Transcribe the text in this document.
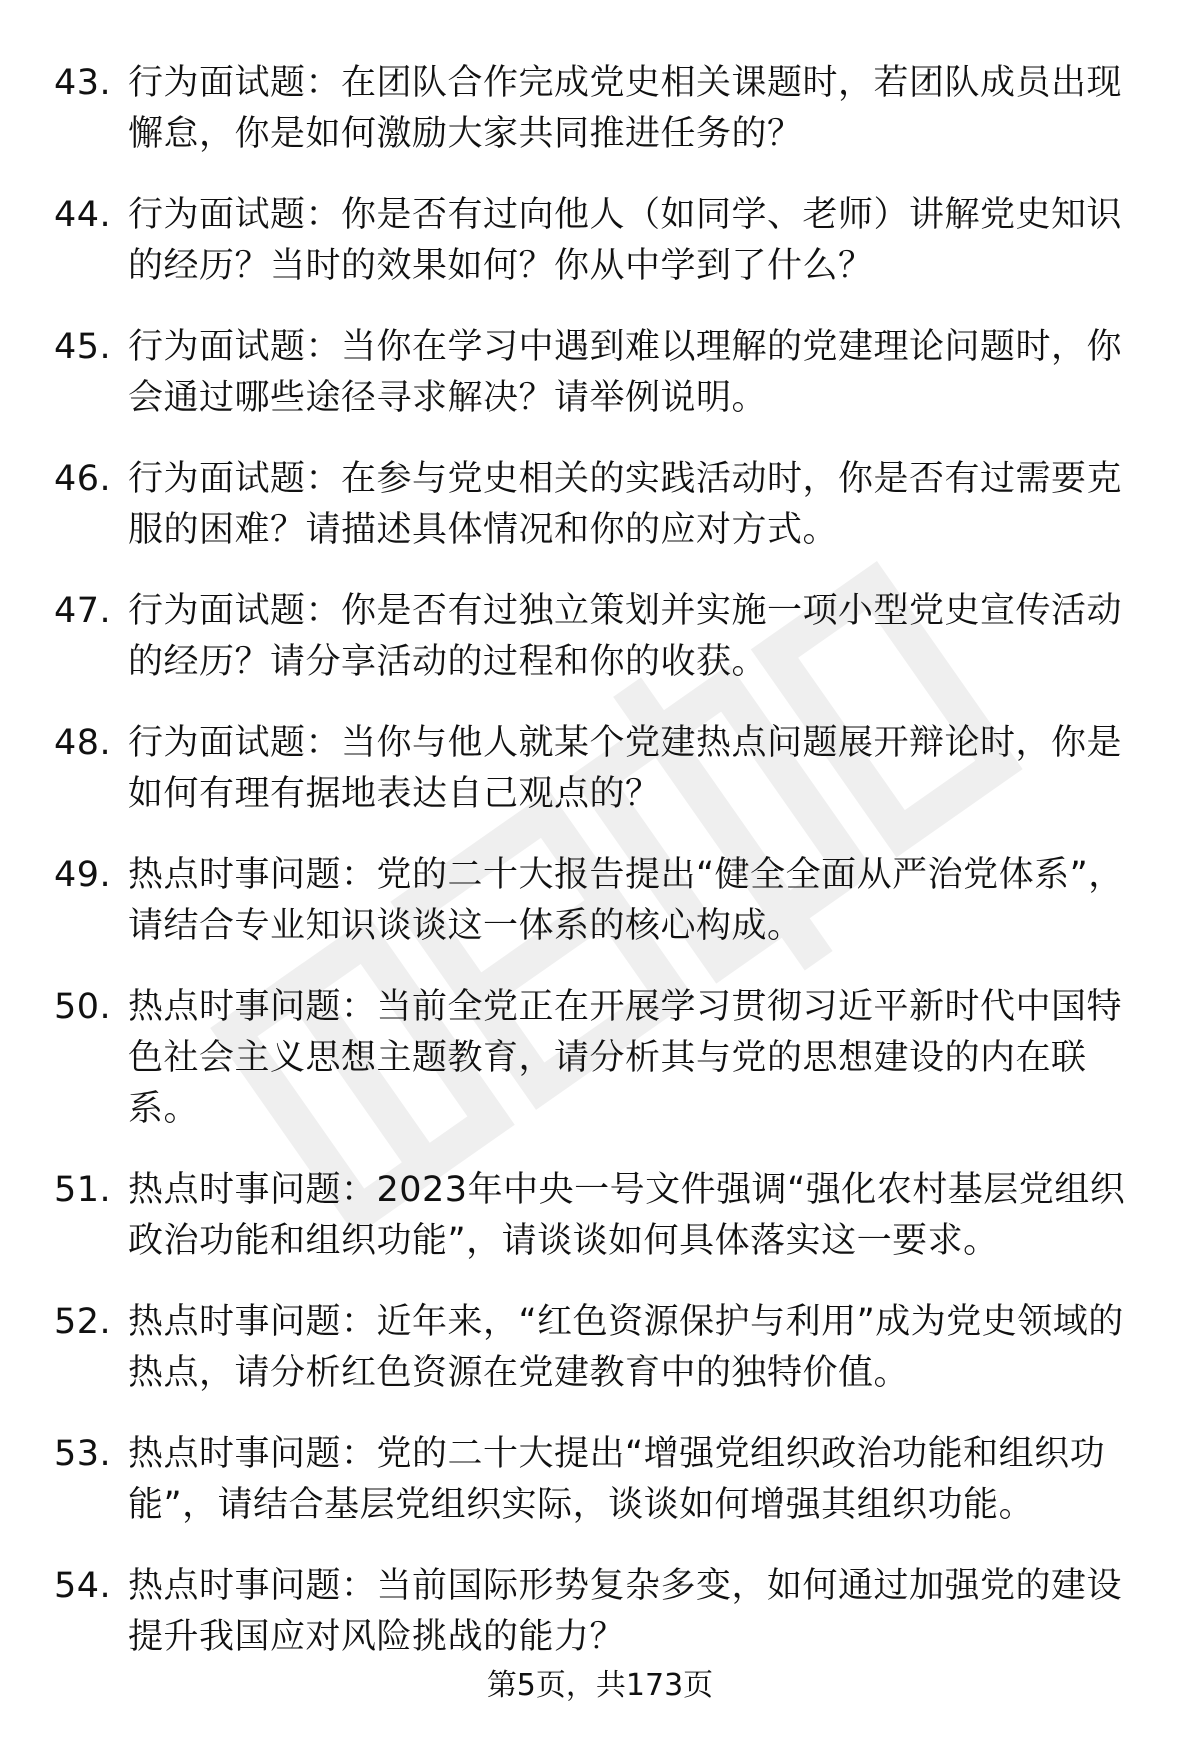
43. 行为面试题：在团队合作完成党史相关课题时，若团队成员出现懈怠，你是如何激励大家共同推进任务的？
44. 行为面试题：你是否有过向他人（如同学、老师）讲解党史知识的经历？当时的效果如何？你从中学到了什么？
45. 行为面试题：当你在学习中遇到难以理解的党建理论问题时，你会通过哪些途径寻求解决？请举例说明。
46. 行为面试题：在参与党史相关的实践活动时，你是否有过需要克服的困难？请描述具体情况和你的应对方式。
47. 行为面试题：你是否有过独立策划并实施一项小型党史宣传活动的经历？请分享活动的过程和你的收获。
48. 行为面试题：当你与他人就某个党建热点问题展开辩论时，你是如何有理有据地表达自己观点的？
49. 热点时事问题：党的二十大报告提出“健全全面从严治党体系”，请结合专业知识谈谈这一体系的核心构成。
50. 热点时事问题：当前全党正在开展学习贯彻习近平新时代中国特色社会主义思想主题教育，请分析其与党的思想建设的内在联系。
51. 热点时事问题：2023年中央一号文件强调“强化农村基层党组织政治功能和组织功能”，请谈谈如何具体落实这一要求。
52. 热点时事问题：近年来，“红色资源保护与利用”成为党史领域的热点，请分析红色资源在党建教育中的独特价值。
53. 热点时事问题：党的二十大提出“增强党组织政治功能和组织功能”，请结合基层党组织实际，谈谈如何增强其组织功能。
54. 热点时事问题：当前国际形势复杂多变，如何通过加强党的建设提升我国应对风险挑战的能力？
第5页，共173页
